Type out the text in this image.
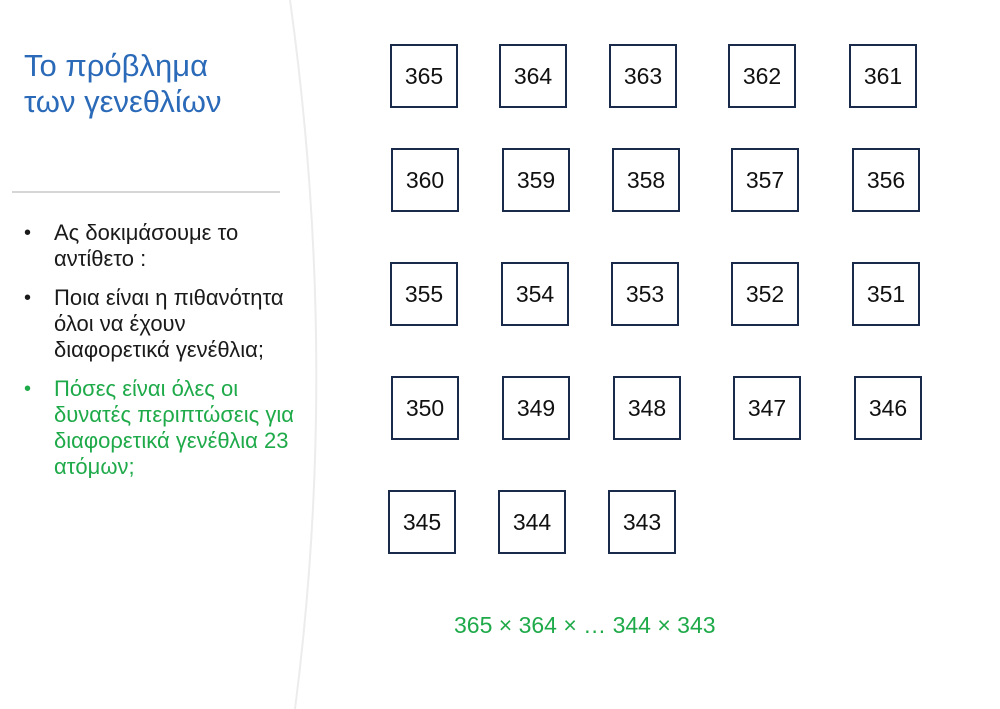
Το πρόβλημα
των γενεθλίων
•	Ας δοκιμάσουμε το αντίθετο :
•	Ποια είναι η πιθανότητα όλοι να έχουν διαφορετικά γενέθλια;
•	Πόσες είναι όλες οι δυνατές περιπτώσεις για διαφορετικά γενέθλια 23 ατόμων;
365	364	363	362	361
360	359	358	357	356
355	354	353	352	351
350	349	348	347	346
345	344	343
365 × 364 × … 344 × 343
